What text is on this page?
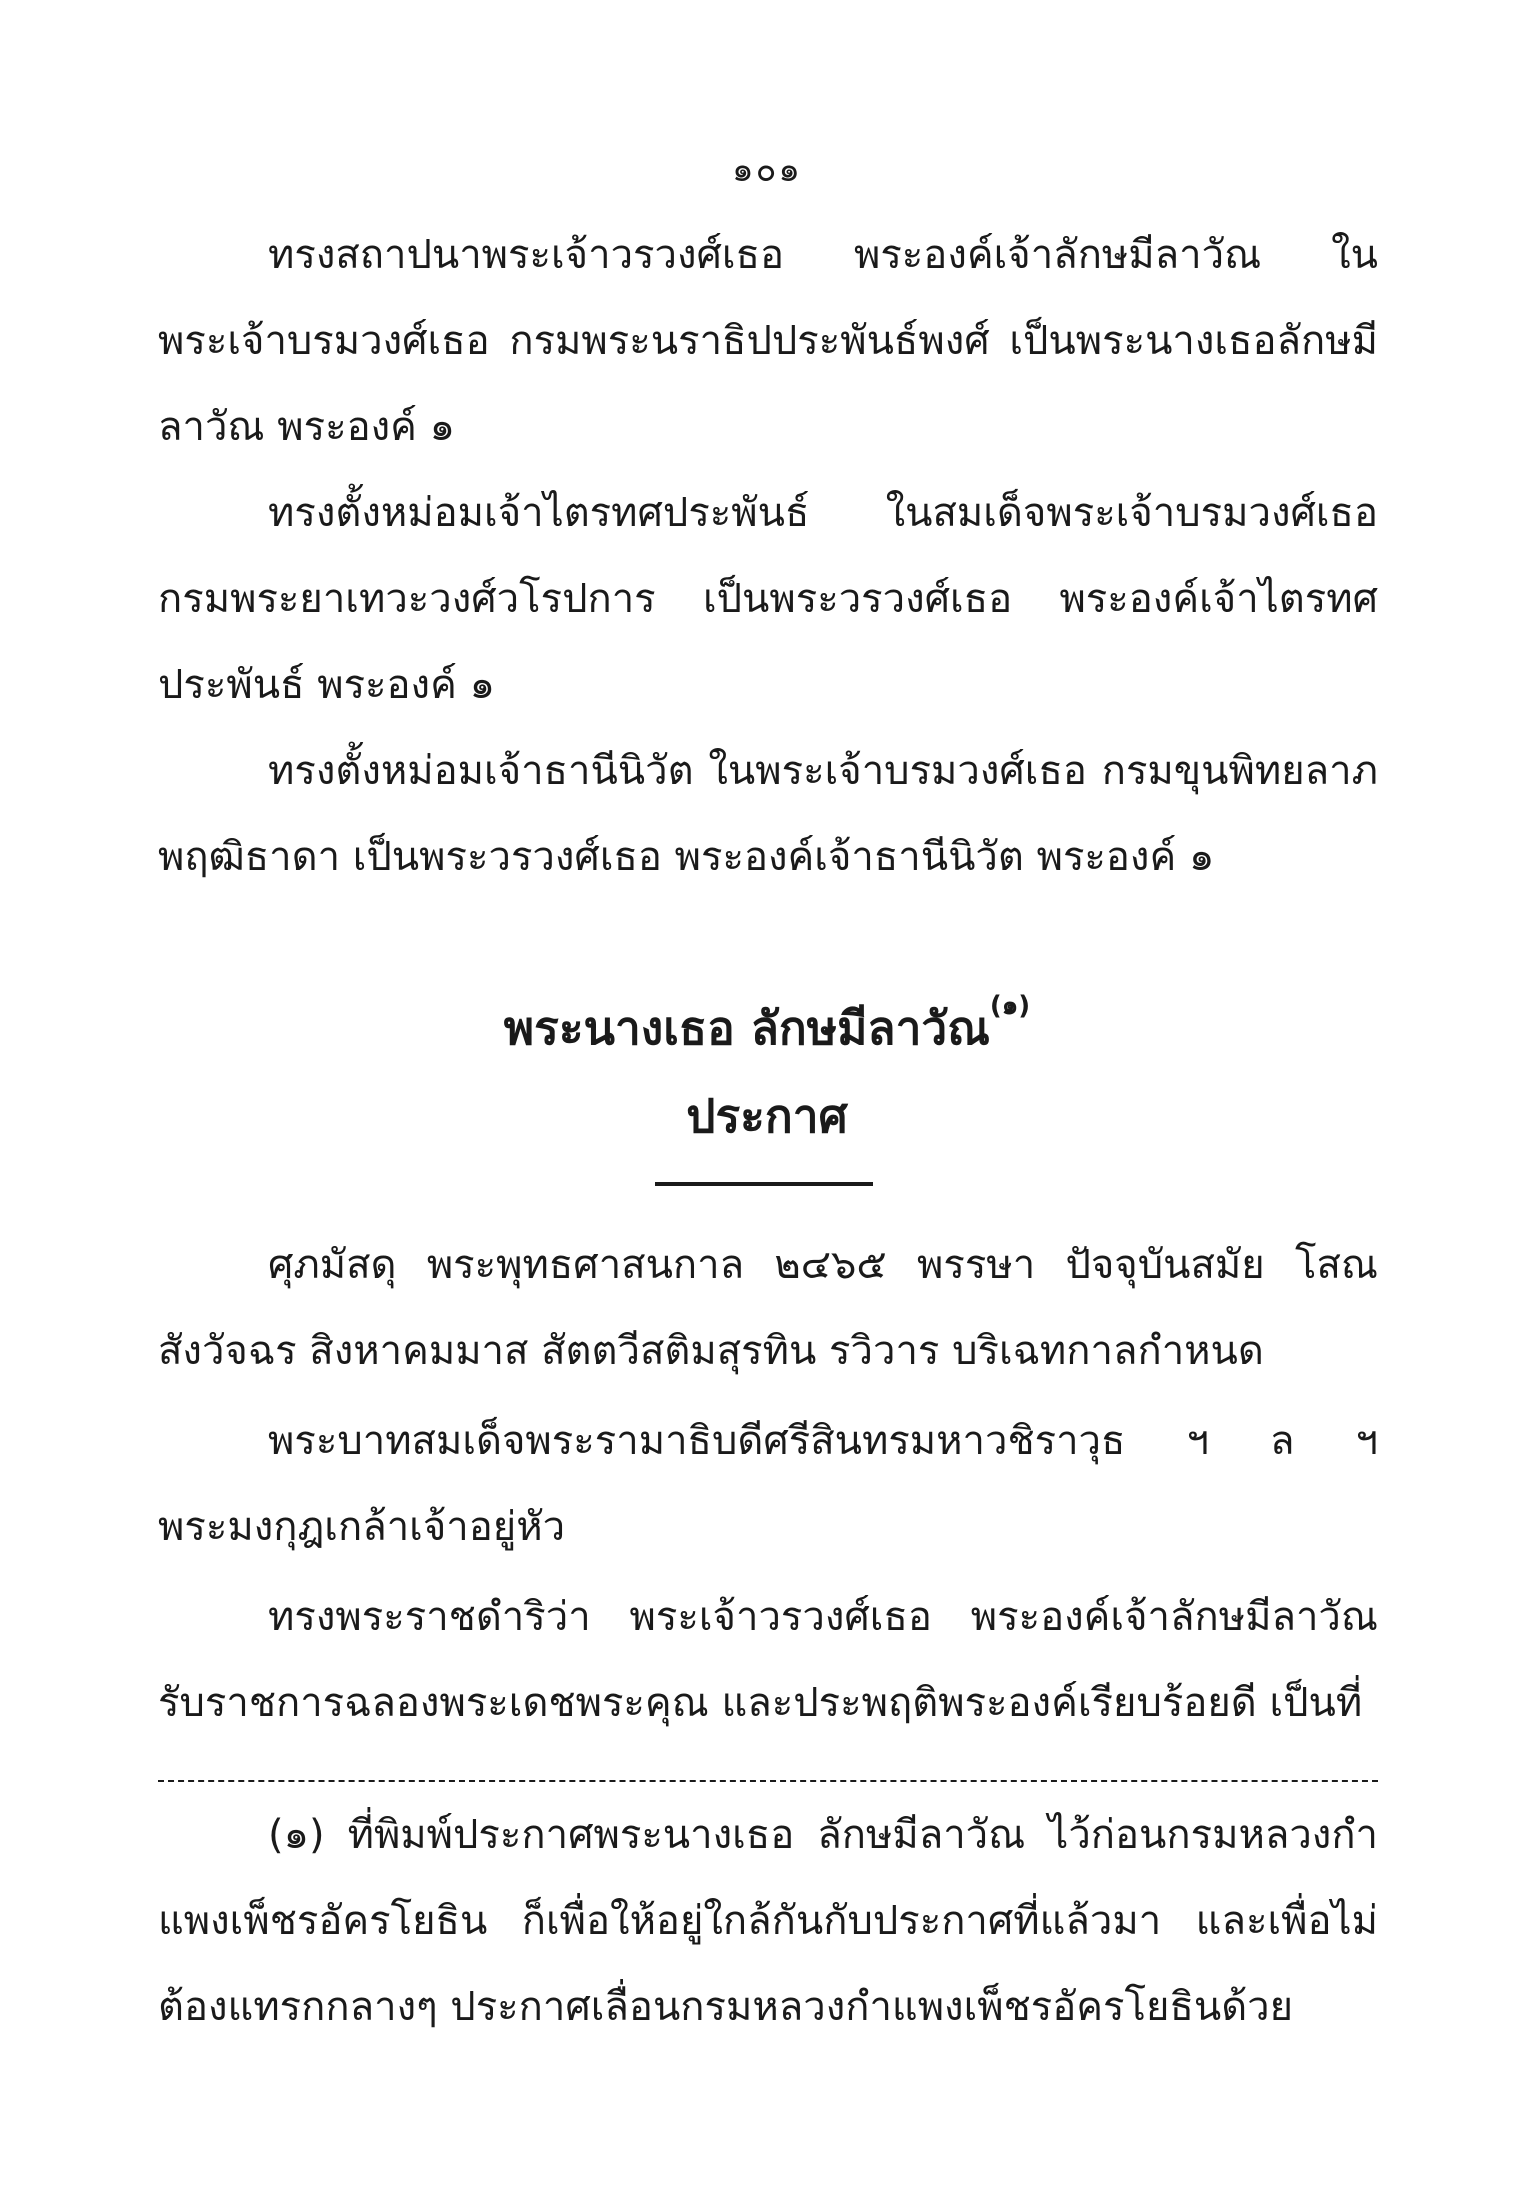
๑๐๑

ทรงสถาปนาพระเจ้าวรวงศ์เธอ พระองค์เจ้าลักษมีลาวัณ ในพระเจ้าบรมวงศ์เธอ กรมพระนราธิปประพันธ์พงศ์ เป็นพระนางเธอลักษมีลาวัณ พระองค์ ๑

ทรงตั้งหม่อมเจ้าไตรทศประพันธ์ ในสมเด็จพระเจ้าบรมวงศ์เธอกรมพระยาเทวะวงศ์วโรปการ เป็นพระวรวงศ์เธอ พระองค์เจ้าไตรทศประพันธ์ พระองค์ ๑

ทรงตั้งหม่อมเจ้าธานีนิวัต ในพระเจ้าบรมวงศ์เธอ กรมขุนพิทยลาภพฤฒิธาดา เป็นพระวรวงศ์เธอ พระองค์เจ้าธานีนิวัต พระองค์ ๑

พระนางเธอ ลักษมีลาวัณ$^{(๑)}$
ประกาศ

ศุภมัสดุ พระพุทธศาสนกาล ๒๔๖๕ พรรษา ปัจจุบันสมัย โสณสังวัจฉร สิงหาคมมาส สัตตวีสติมสุรทิน รวิวาร บริเฉทกาลกำหนด

พระบาทสมเด็จพระรามาธิบดีศรีสินทรมหาวชิราวุธ ฯ ล ฯ พระมงกุฎเกล้าเจ้าอยู่หัว

ทรงพระราชดำริว่า พระเจ้าวรวงศ์เธอ พระองค์เจ้าลักษมีลาวัณ รับราชการฉลองพระเดชพระคุณ และประพฤติพระองค์เรียบร้อยดี เป็นที่

(๑) ที่พิมพ์ประกาศพระนางเธอ ลักษมีลาวัณ ไว้ก่อนกรมหลวงกำแพงเพ็ชรอัครโยธิน ก็เพื่อให้อยู่ใกล้กันกับประกาศที่แล้วมา และเพื่อไม่ต้องแทรกกลางๆ ประกาศเลื่อนกรมหลวงกำแพงเพ็ชรอัครโยธินด้วย
